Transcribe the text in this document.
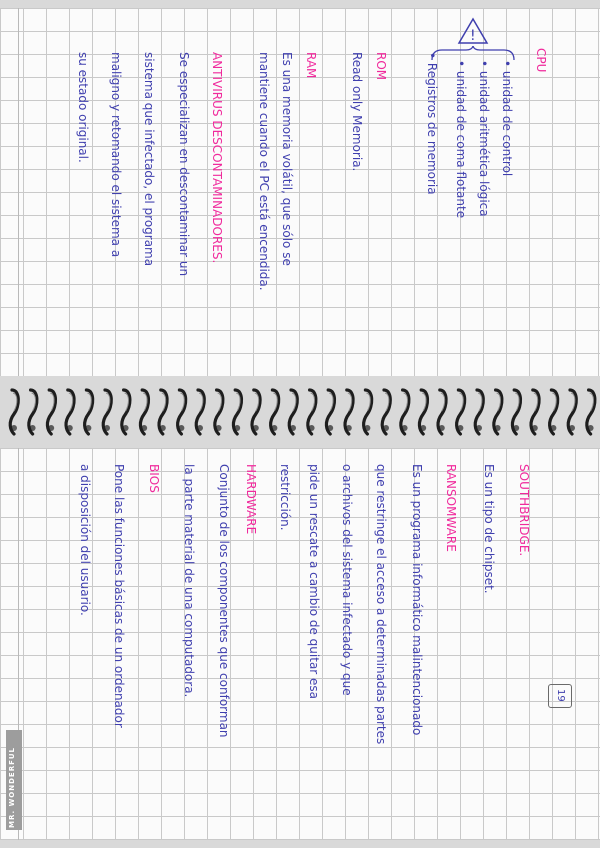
!
CPU
• unidad de control
• unidad aritmética lógica
• unidad de coma flotante
• Registros de memoria
ROM
Read only Memoria.
RAM
Es una memoria volátil, que sólo se
mantiene cuando el PC está encendida.
ANTIVIRUS DESCONTAMINADORES.
Se especializan en descontaminar un
sistema que infectado, el programa
maligno y retomando el sistema a
su estado original.
SOUTHBRIDGE.
Es un tipo de chipset.
RANSOMWARE
Es un programa informático malintencionado
que restringe el acceso a determinadas partes
o archivos del sistema infectado y que
pide un rescate a cambio de quitar esa
restricción.
HARDWARE
Conjunto de los componentes que conforman
la parte material de una computadora.
BIOS
Pone las funciones básicas de un ordenador
a disposición del usuario.
19
MR. WONDERFUL
